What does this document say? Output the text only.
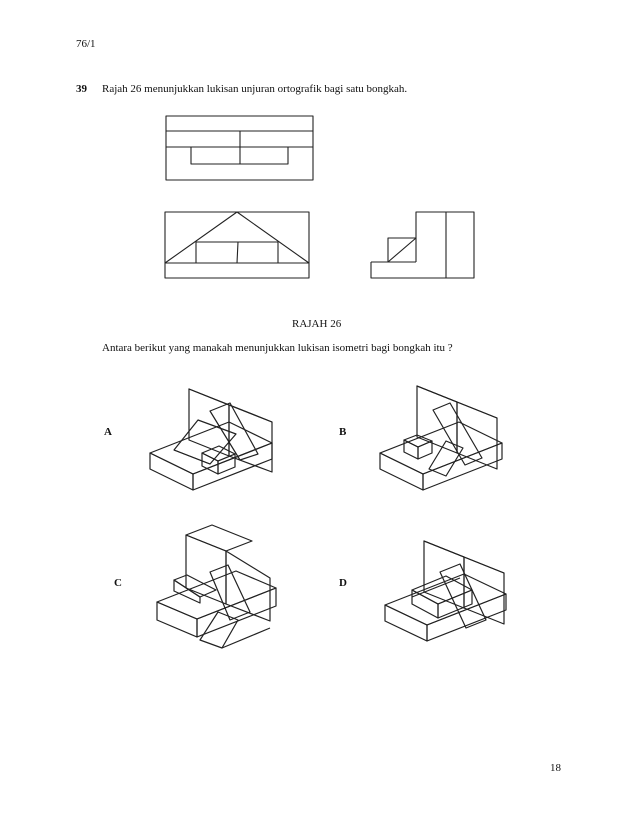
76/1
39 Rajah 26 menunjukkan lukisan unjuran ortografik bagi satu bongkah.
RAJAH 26
Antara berikut yang manakah menunjukkan lukisan isometri bagi bongkah itu ?
A	B
C	D
18
